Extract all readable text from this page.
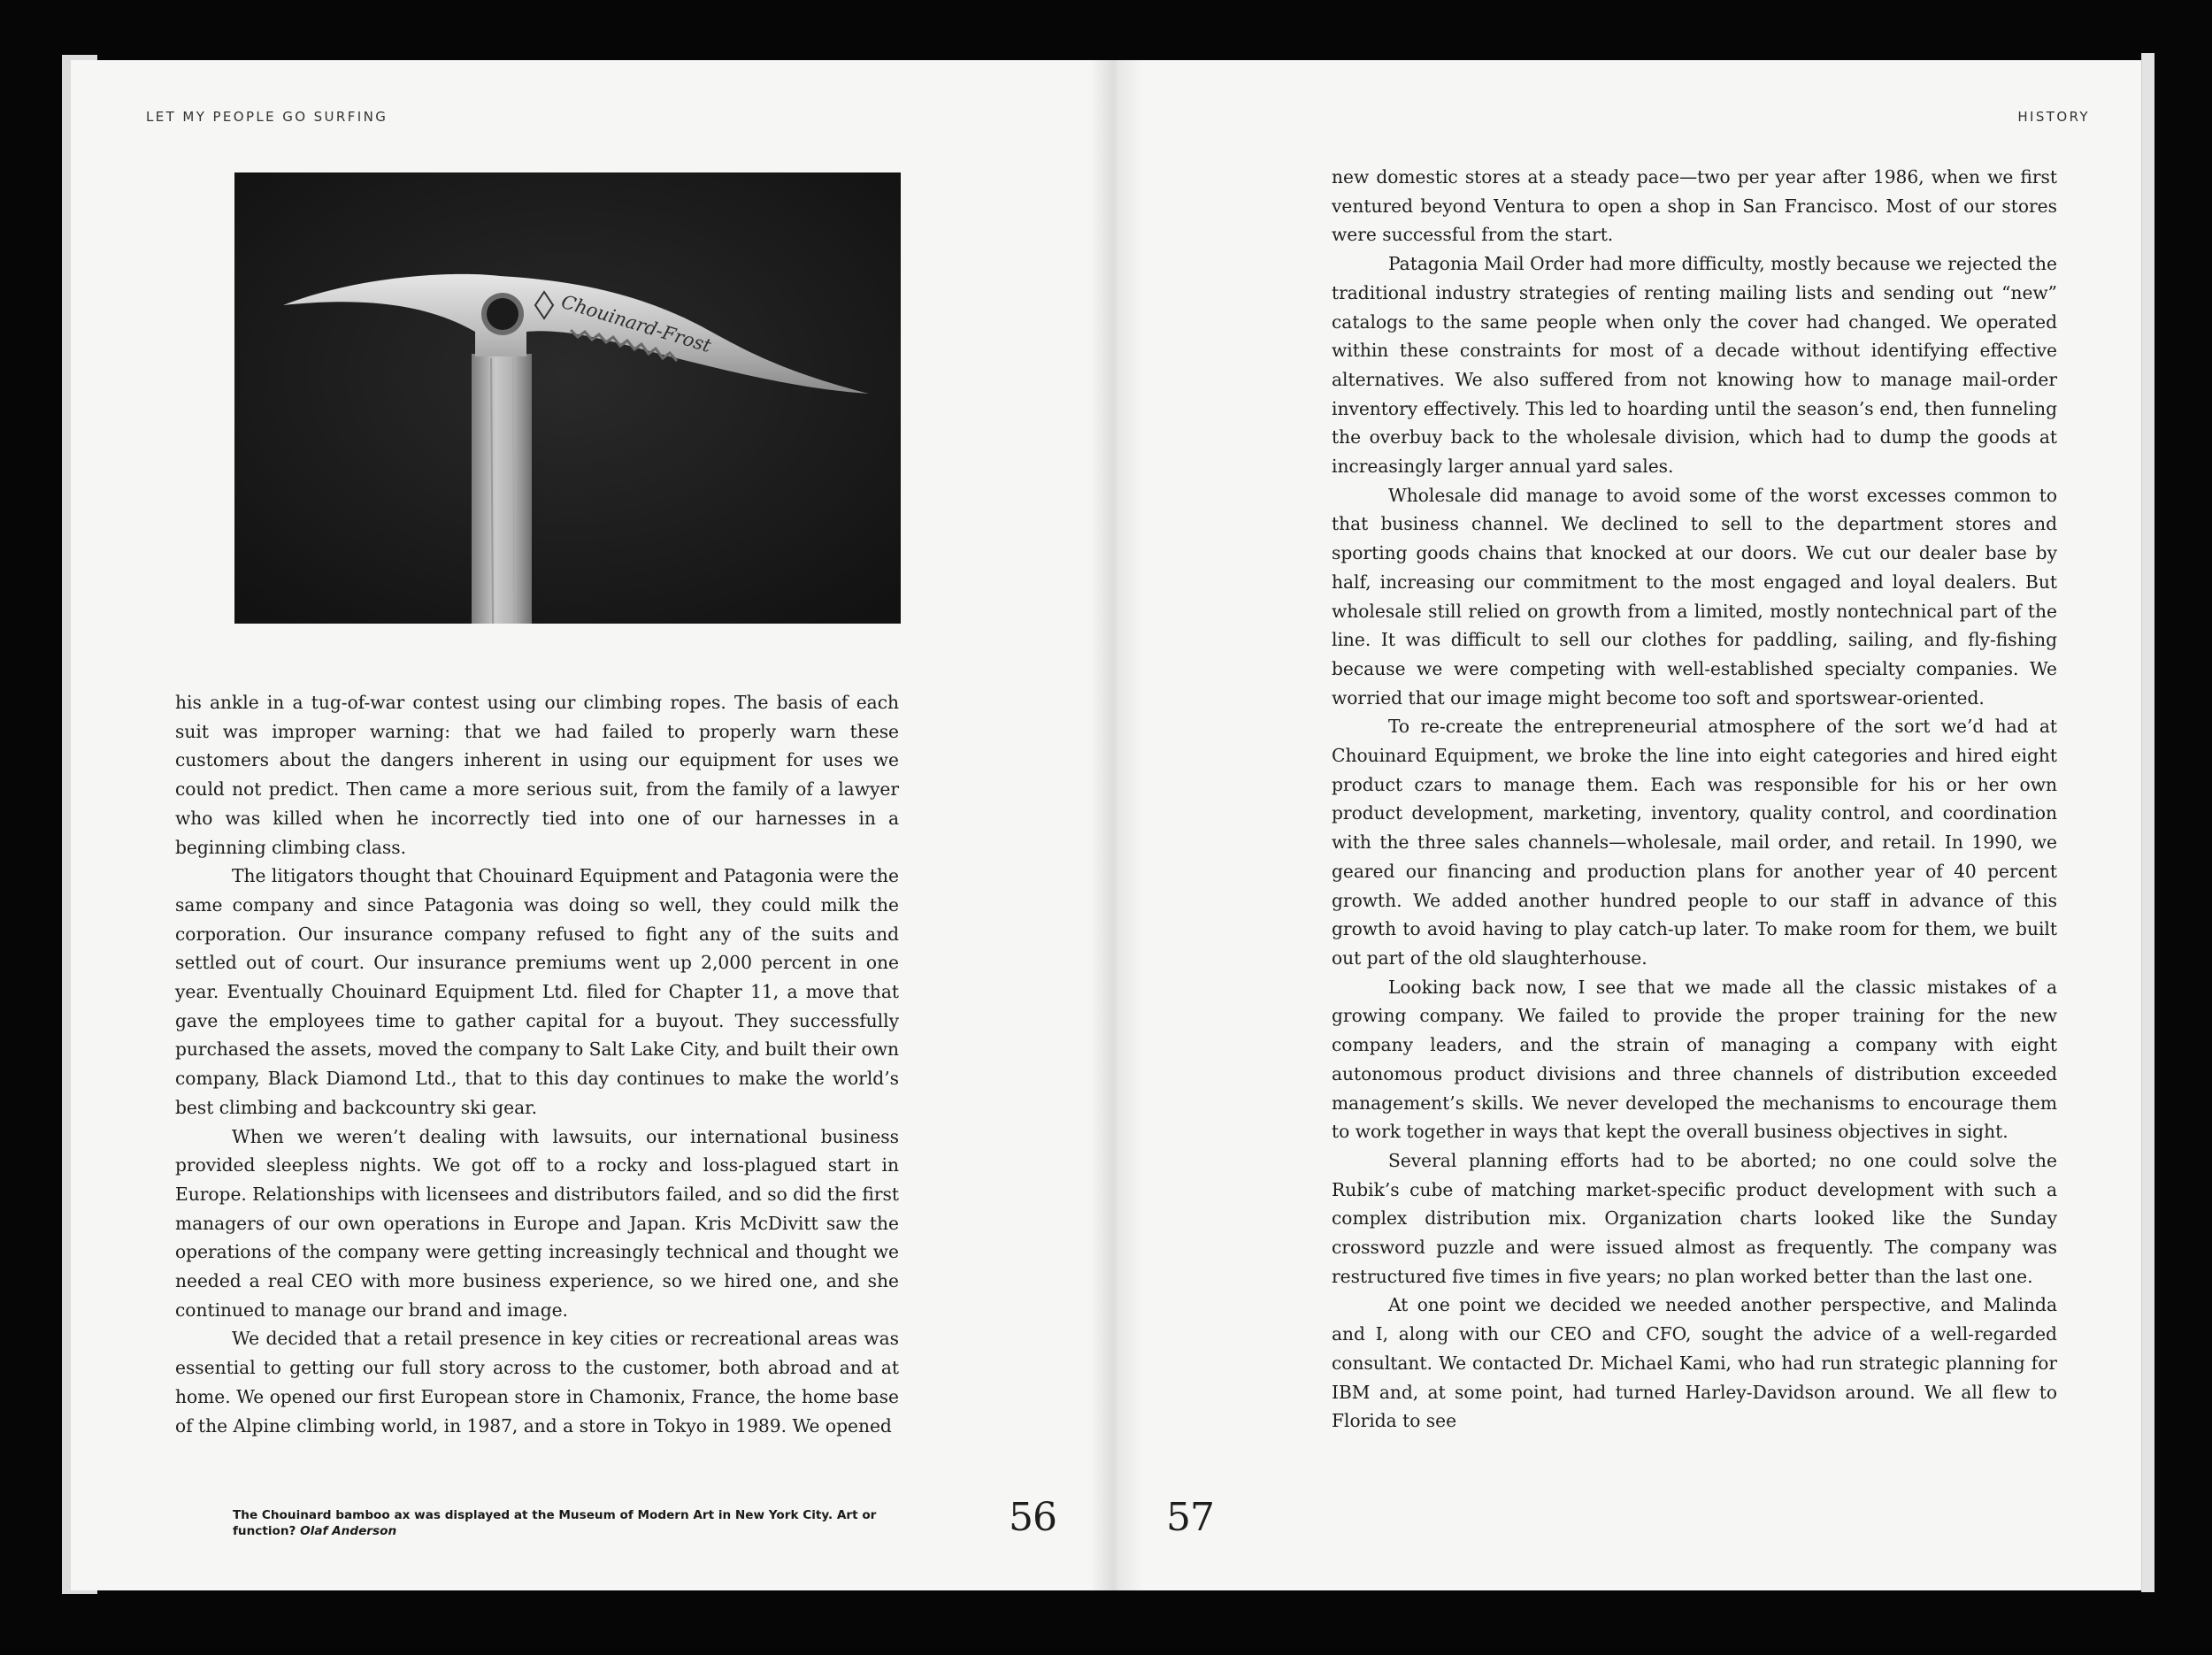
LET MY PEOPLE GO SURFING
Chouinard-Frost

his ankle in a tug-of-war contest using our climbing ropes. The basis of each suit was improper warning: that we had failed to properly warn these customers about the dangers inherent in using our equipment for uses we could not predict. Then came a more serious suit, from the family of a lawyer who was killed when he incorrectly tied into one of our harnesses in a beginning climbing class.

The litigators thought that Chouinard Equipment and Patagonia were the same company and since Patagonia was doing so well, they could milk the corporation. Our insurance company refused to fight any of the suits and settled out of court. Our insurance premiums went up 2,000 percent in one year. Eventually Chouinard Equipment Ltd. filed for Chapter 11, a move that gave the employees time to gather capital for a buyout. They successfully purchased the assets, moved the company to Salt Lake City, and built their own company, Black Diamond Ltd., that to this day continues to make the world’s best climbing and backcountry ski gear.

When we weren’t dealing with lawsuits, our international business provided sleepless nights. We got off to a rocky and loss-plagued start in Europe. Relationships with licensees and distributors failed, and so did the first managers of our own operations in Europe and Japan. Kris McDivitt saw the operations of the company were getting increasingly technical and thought we needed a real CEO with more business experience, so we hired one, and she continued to manage our brand and image.

We decided that a retail presence in key cities or recreational areas was essential to getting our full story across to the customer, both abroad and at home. We opened our first European store in Chamonix, France, the home base of the Alpine climbing world, in 1987, and a store in Tokyo in 1989. We opened

The Chouinard bamboo ax was displayed at the Museum of Modern Art in New York City. Art or function? Olaf Anderson	56
HISTORY

new domestic stores at a steady pace—two per year after 1986, when we first ventured beyond Ventura to open a shop in San Francisco. Most of our stores were successful from the start.

Patagonia Mail Order had more difficulty, mostly because we rejected the traditional industry strategies of renting mailing lists and sending out “new” catalogs to the same people when only the cover had changed. We operated within these constraints for most of a decade without identifying effective alternatives. We also suffered from not knowing how to manage mail-order inventory effectively. This led to hoarding until the season’s end, then funneling the overbuy back to the wholesale division, which had to dump the goods at increasingly larger annual yard sales.

Wholesale did manage to avoid some of the worst excesses common to that business channel. We declined to sell to the department stores and sporting goods chains that knocked at our doors. We cut our dealer base by half, increasing our commitment to the most engaged and loyal dealers. But wholesale still relied on growth from a limited, mostly nontechnical part of the line. It was difficult to sell our clothes for paddling, sailing, and fly-fishing because we were competing with well-established specialty companies. We worried that our image might become too soft and sportswear-oriented.

To re-create the entrepreneurial atmosphere of the sort we’d had at Chouinard Equipment, we broke the line into eight categories and hired eight product czars to manage them. Each was responsible for his or her own product development, marketing, inventory, quality control, and coordination with the three sales channels—wholesale, mail order, and retail. In 1990, we geared our financing and production plans for another year of 40 percent growth. We added another hundred people to our staff in advance of this growth to avoid having to play catch-up later. To make room for them, we built out part of the old slaughterhouse.

Looking back now, I see that we made all the classic mistakes of a growing company. We failed to provide the proper training for the new company leaders, and the strain of managing a company with eight autonomous product divisions and three channels of distribution exceeded management’s skills. We never developed the mechanisms to encourage them to work together in ways that kept the overall business objectives in sight.

Several planning efforts had to be aborted; no one could solve the Rubik’s cube of matching market-specific product development with such a complex distribution mix. Organization charts looked like the Sunday crossword puzzle and were issued almost as frequently. The company was restructured five times in five years; no plan worked better than the last one.

At one point we decided we needed another perspective, and Malinda and I, along with our CEO and CFO, sought the advice of a well-regarded consultant. We contacted Dr. Michael Kami, who had run strategic planning for IBM and, at some point, had turned Harley-Davidson around. We all flew to Florida to see

57
